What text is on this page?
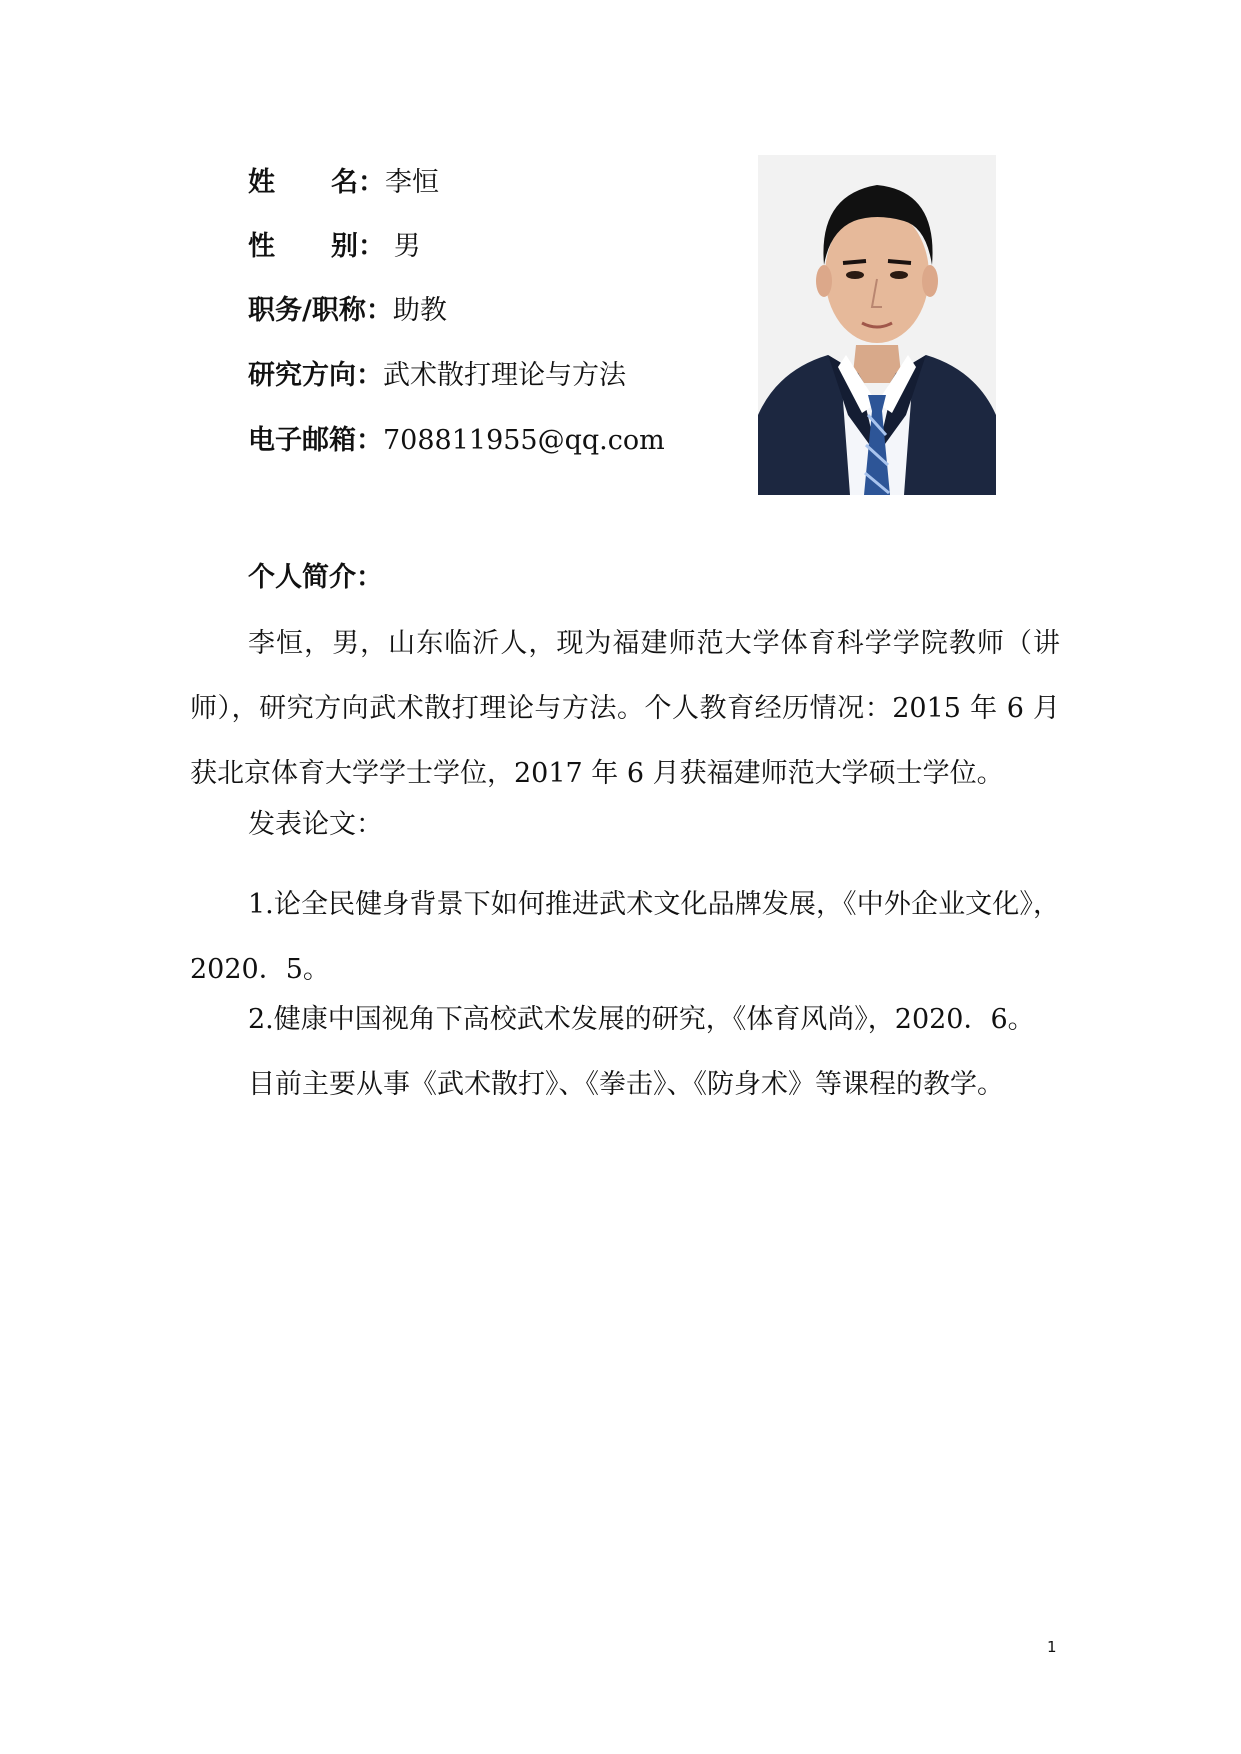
姓名：李恒
性别： 男
职务/职称：助教
研究方向：武术散打理论与方法
电子邮箱：708811955@qq.com
个人简介：

李恒，男，山东临沂人，现为福建师范大学体育科学学院教师（讲师），研究方向武术散打理论与方法。个人教育经历情况：2015 年 6 月获北京体育大学学士学位，2017 年 6 月获福建师范大学硕士学位。

发表论文：

1.论全民健身背景下如何推进武术文化品牌发展，《中外企业文化》，2020．5。

2.健康中国视角下高校武术发展的研究，《体育风尚》，2020．6。
目前主要从事《武术散打》、《拳击》、《防身术》等课程的教学。
1
